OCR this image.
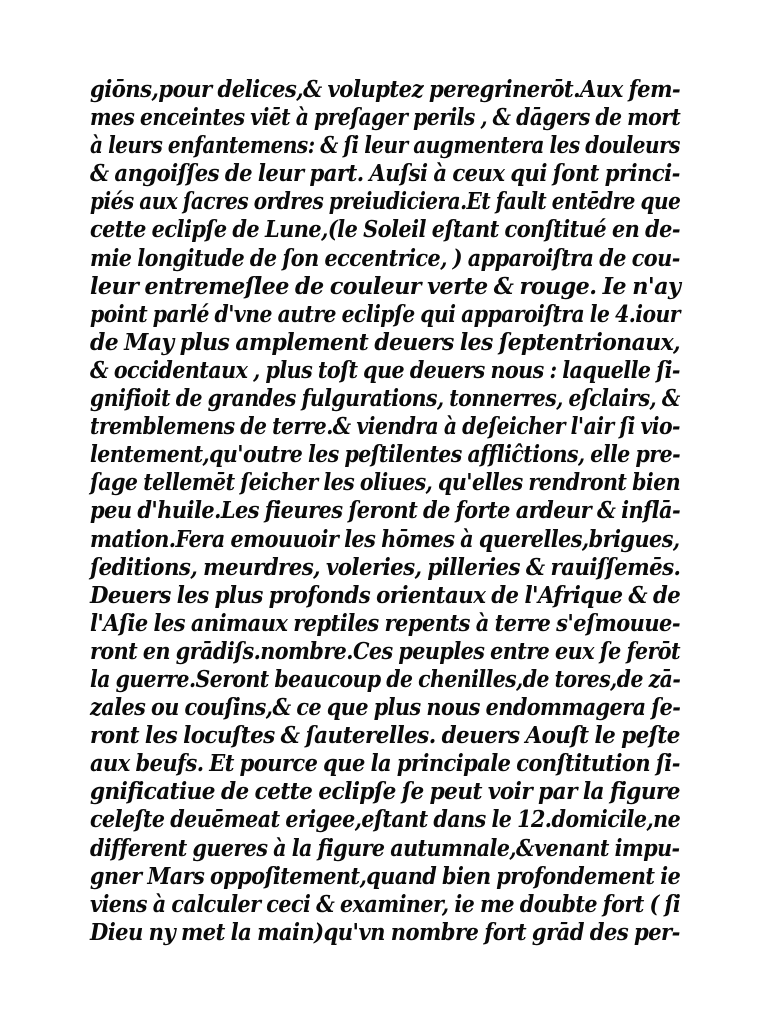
giōns,pour delices,& voluptez peregrinerōt.Aux fem-
mes enceintes viēt à preſager perils , & dāgers de mort
à leurs enfantemens: & ſi leur augmentera les douleurs
& angoiſſes de leur part. Auſsi à ceux qui ſont princi-
piés aux ſacres ordres preiudiciera.Et fault entēdre que
cette eclipſe de Lune,(le Soleil eſtant conſtitué en de-
mie longitude de ſon eccentrice, ) apparoiſtra de cou-
leur entremeſlee de couleur verte & rouge. Ie n'ay
point parlé d'vne autre eclipſe qui apparoiſtra le 4.iour
de May plus amplement deuers les ſeptentrionaux,
& occidentaux , plus toſt que deuers nous : laquelle ſi-
gnifioit de grandes fulgurations, tonnerres, eſclairs, &
tremblemens de terre.& viendra à deſeicher l'air ſi vio-
lentement,qu'outre les peſtilentes affliĉtions, elle pre-
ſage tellemēt ſeicher les oliues, qu'elles rendront bien
peu d'huile.Les fieures ſeront de forte ardeur & inflā-
mation.Fera emouuoir les hōmes à querelles,brigues,
ſeditions, meurdres, voleries, pilleries & rauiſſemēs.
Deuers les plus profonds orientaux de l'Afrique & de
l'Aſie les animaux reptiles repents à terre s'eſmouue-
ront en grādiſs.nombre.Ces peuples entre eux ſe ferōt
la guerre.Seront beaucoup de chenilles,de tores,de zā-
zales ou couſins,& ce que plus nous endommagera ſe-
ront les locuſtes & ſauterelles. deuers Aouſt le peſte
aux beufs. Et pource que la principale conſtitution ſi-
gnificatiue de cette eclipſe ſe peut voir par la figure
celeſte deuēmeat erigee,eſtant dans le 12.domicile,ne
different gueres à la figure autumnale,&venant impu-
gner Mars oppoſitement,quand bien profondement ie
viens à calculer ceci & examiner, ie me doubte fort ( ſi
Dieu ny met la main)qu'vn nombre fort grād des per-
